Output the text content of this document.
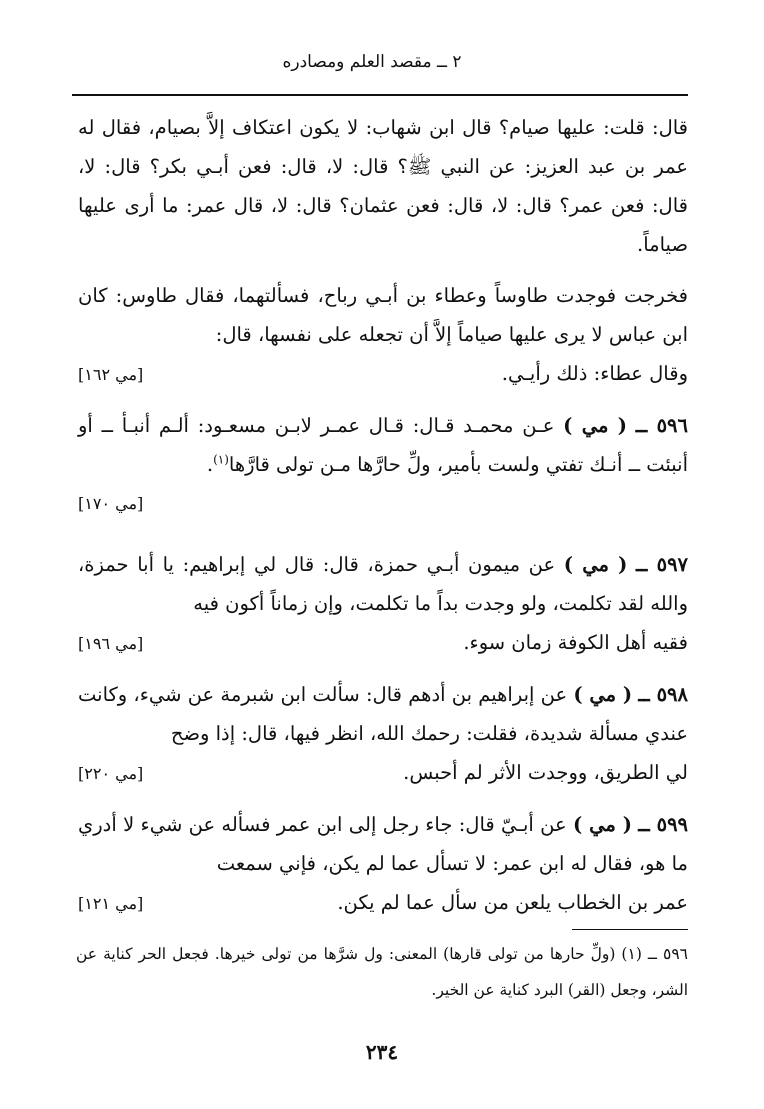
٢ ــ مقصد العلم ومصادره

قال: قلت: عليها صيام؟ قال ابن شهاب: لا يكون اعتكاف إلاَّ بصيام، فقال له عمر بن عبد العزيز: عن النبي ﷺ؟ قال: لا، قال: فعن أبـي بكر؟ قال: لا، قال: فعن عمر؟ قال: لا، قال: فعن عثمان؟ قال: لا، قال عمر: ما أرى عليها صياماً.

فخرجت فوجدت طاوساً وعطاء بن أبـي رباح، فسألتهما، فقال طاوس: كان ابن عباس لا يرى عليها صياماً إلاَّ أن تجعله على نفسها، قال:

وقال عطاء: ذلك رأيـي.
[مي ١٦٢]

٥٩٦ ــ ( مي ) عـن محمـد قـال: قـال عمـر لابـن مسعـود: ألـم أنبـأ ــ أو أنبئت ــ أنـك تفتي ولست بأمير، ولِّ حارَّها مـن تولى قارَّها$^{(١)}$.

[مي ١٧٠]

٥٩٧ ــ ( مي ) عن ميمون أبـي حمزة، قال: قال لي إبراهيم: يا أبا حمزة، والله لقد تكلمت، ولو وجدت بداً ما تكلمت، وإن زماناً أكون فيه

فقيه أهل الكوفة زمان سوء.
[مي ١٩٦]

٥٩٨ ــ ( مي ) عن إبراهيم بن أدهم قال: سألت ابن شبرمة عن شيء، وكانت عندي مسألة شديدة، فقلت: رحمك الله، انظر فيها، قال: إذا وضح

لي الطريق، ووجدت الأثر لم أحبس.
[مي ٢٢٠]

٥٩٩ ــ ( مي ) عن أبـيّ قال: جاء رجل إلى ابن عمر فسأله عن شيء لا أدري ما هو، فقال له ابن عمر: لا تسأل عما لم يكن، فإني سمعت

عمر بن الخطاب يلعن من سأل عما لم يكن.
[مي ١٢١]
٥٩٦ ــ (١) (ولِّ حارها من تولى قارها) المعنى: ول شرَّها من تولى خيرها. فجعل الحر كناية عن الشر، وجعل (القر) البرد كناية عن الخير.
٢٣٤
